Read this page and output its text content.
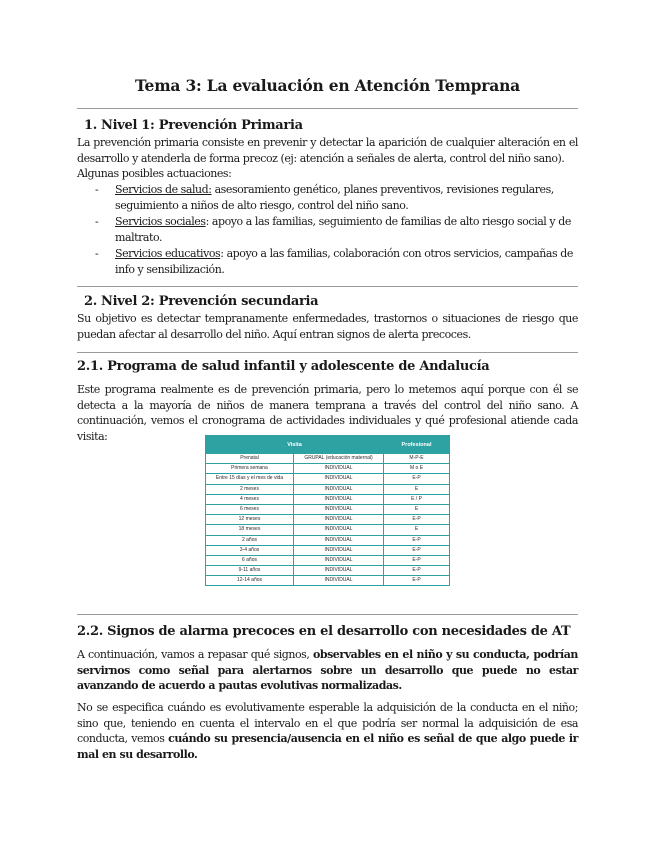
Tema 3: La evaluación en Atención Temprana
1. Nivel 1: Prevención Primaria

La prevención primaria consiste en prevenir y detectar la aparición de cualquier alteración en el desarrollo y atenderla de forma precoz (ej: atención a señales de alerta, control del niño sano).

Algunas posibles actuaciones:

- Servicios de salud: asesoramiento genético, planes preventivos, revisiones regulares, seguimiento a niños de alto riesgo, control del niño sano.
- Servicios sociales: apoyo a las familias, seguimiento de familias de alto riesgo social y de maltrato.
- Servicios educativos: apoyo a las familias, colaboración con otros servicios, campañas de info y sensibilización.
2. Nivel 2: Prevención secundaria

Su objetivo es detectar tempranamente enfermedades, trastornos o situaciones de riesgo que puedan afectar al desarrollo del niño. Aquí entran signos de alerta precoces.

2.1. Programa de salud infantil y adolescente de Andalucía

Este programa realmente es de prevención primaria, pero lo metemos aquí porque con él se detecta a la mayoría de niños de manera temprana a través del control del niño sano. A continuación, vemos el cronograma de actividades individuales y qué profesional atiende cada visita:

Visita		Profesional
Prenatal	GRUPAL (educación maternal)	M-P-E
Primera semana	INDIVIDUAL	M o E
Entre 15 días y el mes de vida	INDIVIDUAL	E-P
2 meses	INDIVIDUAL	E
4 meses	INDIVIDUAL	E / P
6 meses	INDIVIDUAL	E
12 meses	INDIVIDUAL	E-P
18 meses	INDIVIDUAL	E
2 años	INDIVIDUAL	E-P
3-4 años	INDIVIDUAL	E-P
6 años	INDIVIDUAL	E-P
9-11 años	INDIVIDUAL	E-P
12-14 años	INDIVIDUAL	E-P
2.2. Signos de alarma precoces en el desarrollo con necesidades de AT

A continuación, vamos a repasar qué signos, observables en el niño y su conducta, podrían servirnos como señal para alertarnos sobre un desarrollo que puede no estar avanzando de acuerdo a pautas evolutivas normalizadas.

No se especifica cuándo es evolutivamente esperable la adquisición de la conducta en el niño; sino que, teniendo en cuenta el intervalo en el que podría ser normal la adquisición de esa conducta, vemos cuándo su presencia/ausencia en el niño es señal de que algo puede ir mal en su desarrollo.
